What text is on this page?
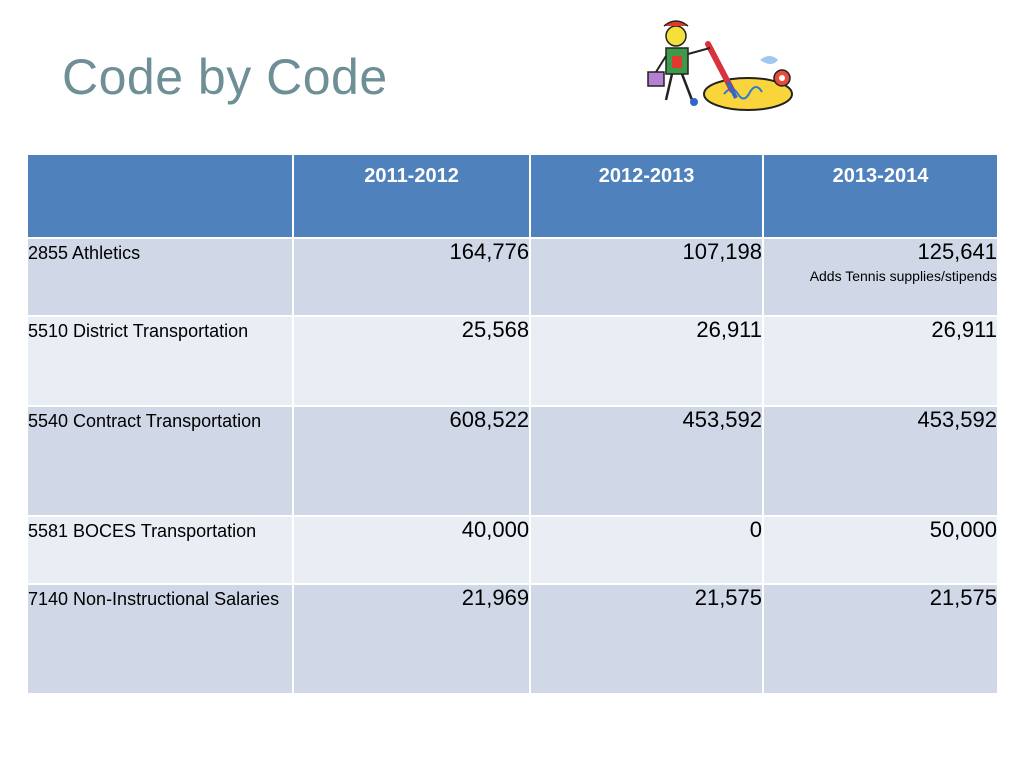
Code by Code
	2011-2012	2012-2013	2013-2014
2855 Athletics	164,776	107,198	125,641
Adds Tennis supplies/stipends

5510 District Transportation	25,568	26,911	26,911
5540 Contract Transportation	608,522	453,592	453,592
5581 BOCES Transportation	40,000	0	50,000
7140 Non-Instructional Salaries	21,969	21,575	21,575
